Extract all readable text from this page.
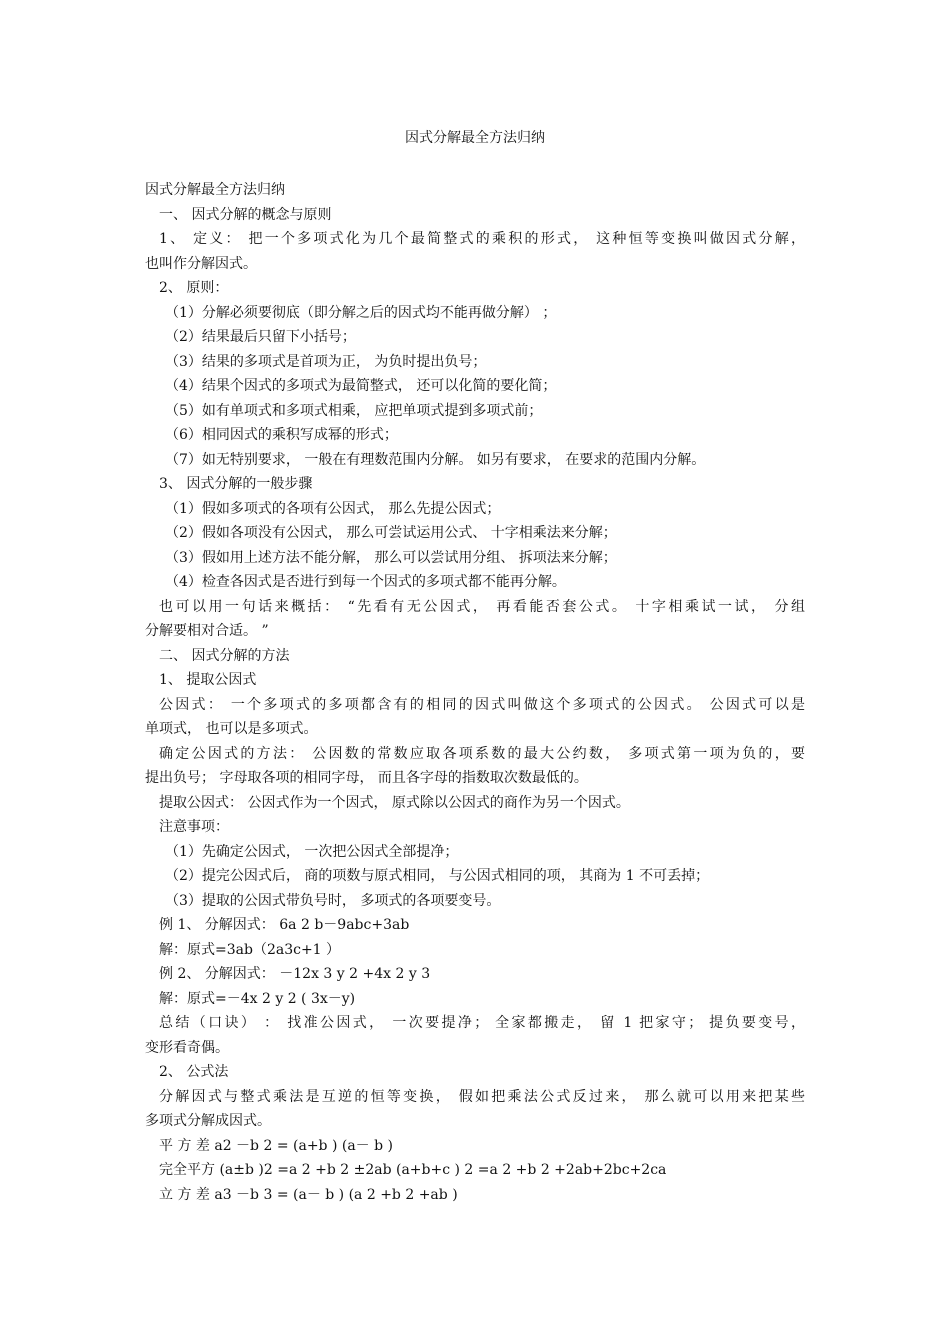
因式分解最全方法归纳

因式分解最全方法归纳

一、 因式分解的概念与原则

1、 定义： 把一个多项式化为几个最简整式的乘积的形式， 这种恒等变换叫做因式分解，

也叫作分解因式。

2、 原则：

（1）分解必须要彻底（即分解之后的因式均不能再做分解） ；

（2）结果最后只留下小括号；

（3）结果的多项式是首项为正， 为负时提出负号；

（4）结果个因式的多项式为最简整式， 还可以化简的要化简；

（5）如有单项式和多项式相乘， 应把单项式提到多项式前；

（6）相同因式的乘积写成幂的形式；

（7）如无特别要求， 一般在有理数范围内分解。 如另有要求， 在要求的范围内分解。

3、 因式分解的一般步骤

（1）假如多项式的各项有公因式， 那么先提公因式；

（2）假如各项没有公因式， 那么可尝试运用公式、 十字相乘法来分解；

（3）假如用上述方法不能分解， 那么可以尝试用分组、 拆项法来分解；

（4）检查各因式是否进行到每一个因式的多项式都不能再分解。

也可以用一句话来概括： “先看有无公因式， 再看能否套公式。 十字相乘试一试， 分组

分解要相对合适。 ”

二、 因式分解的方法

1、 提取公因式

公因式： 一个多项式的多项都含有的相同的因式叫做这个多项式的公因式。 公因式可以是

单项式， 也可以是多项式。

确定公因式的方法： 公因数的常数应取各项系数的最大公约数， 多项式第一项为负的，要

提出负号； 字母取各项的相同字母， 而且各字母的指数取次数最低的。

提取公因式： 公因式作为一个因式， 原式除以公因式的商作为另一个因式。

注意事项：

（1）先确定公因式， 一次把公因式全部提净；

（2）提完公因式后， 商的项数与原式相同， 与公因式相同的项， 其商为 1 不可丢掉；

（3）提取的公因式带负号时， 多项式的各项要变号。

例 1、 分解因式： 6a 2 b－9abc+3ab

解：原式=3ab（2a3c+1 ）

例 2、 分解因式： －12x 3 y 2 +4x 2 y 3

解：原式=－4x 2 y 2 ( 3x－y)

总结（口诀） ： 找准公因式， 一次要提净； 全家都搬走， 留 1 把家守； 提负要变号，

变形看奇偶。

2、 公式法

分解因式与整式乘法是互逆的恒等变换， 假如把乘法公式反过来， 那么就可以用来把某些

多项式分解成因式。

平 方 差 a2 －b 2 = (a+b ) (a－ b )

完全平方 (a±b )2 =a 2 +b 2 ±2ab (a+b+c ) 2 =a 2 +b 2 +2ab+2bc+2ca

立 方 差 a3 －b 3 = (a－ b ) (a 2 +b 2 +ab )
